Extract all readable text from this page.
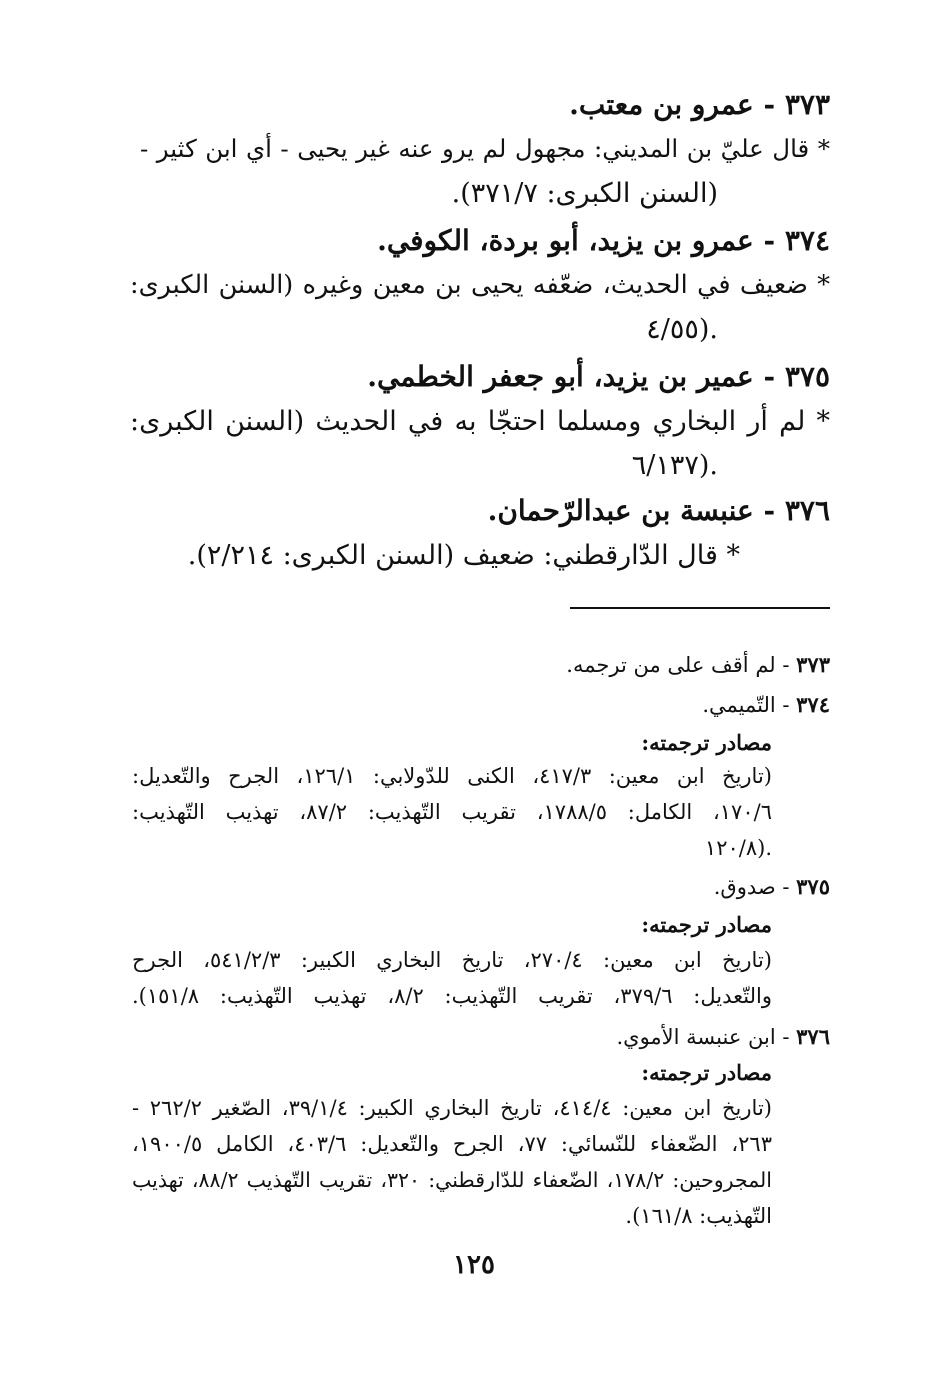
٣٧٣ - عمرو بن معتب.
* قال عليّ بن المديني: مجهول لم يرو عنه غير يحيى - أي ابن كثير -
(السنن الكبرى: ٣٧١/٧).
٣٧٤ - عمرو بن يزيد، أبو بردة، الكوفي.
* ضعيف في الحديث، ضعّفه يحيى بن معين وغيره (السنن الكبرى:
٤/٥٥).
٣٧٥ - عمير بن يزيد، أبو جعفر الخطمي.
* لم أر البخاري ومسلما احتجّا به في الحديث (السنن الكبرى:
٦/١٣٧).
٣٧٦ - عنبسة بن عبدالرّحمان.
* قال الدّارقطني: ضعيف (السنن الكبرى: ٢/٢١٤).
٣٧٣ - لم أقف على من ترجمه.
٣٧٤ - التّميمي.
مصادر ترجمته:
(تاريخ ابن معين: ٤١٧/٣، الكنى للدّولابي: ١٢٦/١، الجرح والتّعديل:
١٧٠/٦، الكامل: ١٧٨٨/٥، تقريب التّهذيب: ٨٧/٢، تهذيب التّهذيب:
١٢٠/٨).
٣٧٥ - صدوق.
مصادر ترجمته:
(تاريخ ابن معين: ٢٧٠/٤، تاريخ البخاري الكبير: ٥٤١/٢/٣، الجرح
والتّعديل: ٣٧٩/٦، تقريب التّهذيب: ٨/٢، تهذيب التّهذيب: ١٥١/٨).
٣٧٦ - ابن عنبسة الأموي.
مصادر ترجمته:
(تاريخ ابن معين: ٤١٤/٤، تاريخ البخاري الكبير: ٣٩/١/٤، الصّغير ٢٦٢/٢ -
٢٦٣، الضّعفاء للنّسائي: ٧٧، الجرح والتّعديل: ٤٠٣/٦، الكامل ١٩٠٠/٥،
المجروحين: ١٧٨/٢، الضّعفاء للدّارقطني: ٣٢٠، تقريب التّهذيب ٨٨/٢، تهذيب
التّهذيب: ١٦١/٨).
١٢٥
